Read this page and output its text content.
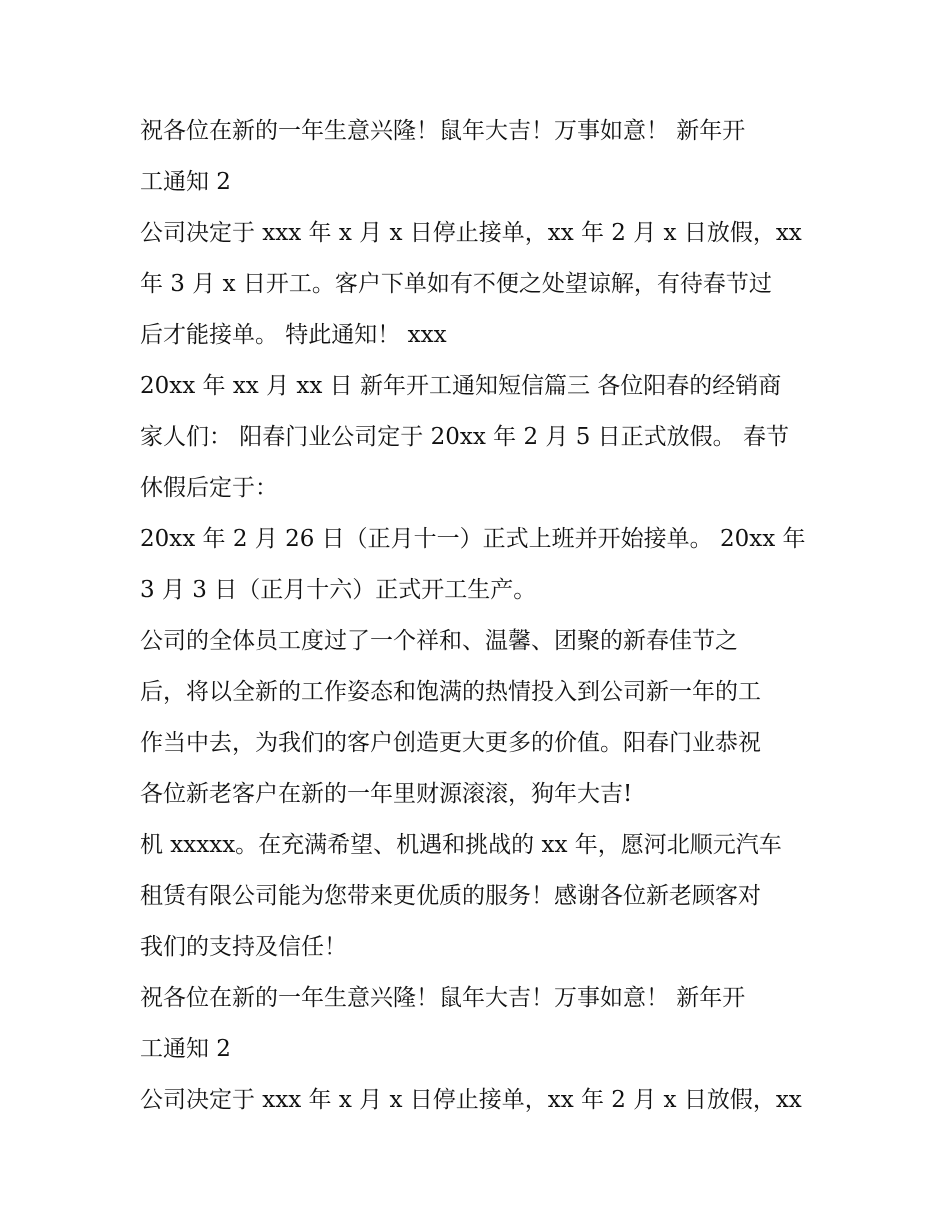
祝各位在新的一年生意兴隆！鼠年大吉！万事如意！ 新年开
工通知 2
公司决定于 xxx 年 x 月 x 日停止接单，xx 年 2 月 x 日放假，xx
年 3 月 x 日开工。客户下单如有不便之处望谅解，有待春节过
后才能接单。 特此通知！ xxx
20xx 年 xx 月 xx 日 新年开工通知短信篇三 各位阳春的经销商
家人们： 阳春门业公司定于 20xx 年 2 月 5 日正式放假。 春节
休假后定于：
20xx 年 2 月 26 日（正月十一）正式上班并开始接单。 20xx 年
3 月 3 日（正月十六）正式开工生产。
公司的全体员工度过了一个祥和、温馨、团聚的新春佳节之
后，将以全新的工作姿态和饱满的热情投入到公司新一年的工
作当中去，为我们的客户创造更大更多的价值。阳春门业恭祝
各位新老客户在新的一年里财源滚滚，狗年大吉!
机 xxxxx。在充满希望、机遇和挑战的 xx 年，愿河北顺元汽车
租赁有限公司能为您带来更优质的服务！感谢各位新老顾客对
我们的支持及信任！
祝各位在新的一年生意兴隆！鼠年大吉！万事如意！ 新年开
工通知 2
公司决定于 xxx 年 x 月 x 日停止接单，xx 年 2 月 x 日放假，xx
